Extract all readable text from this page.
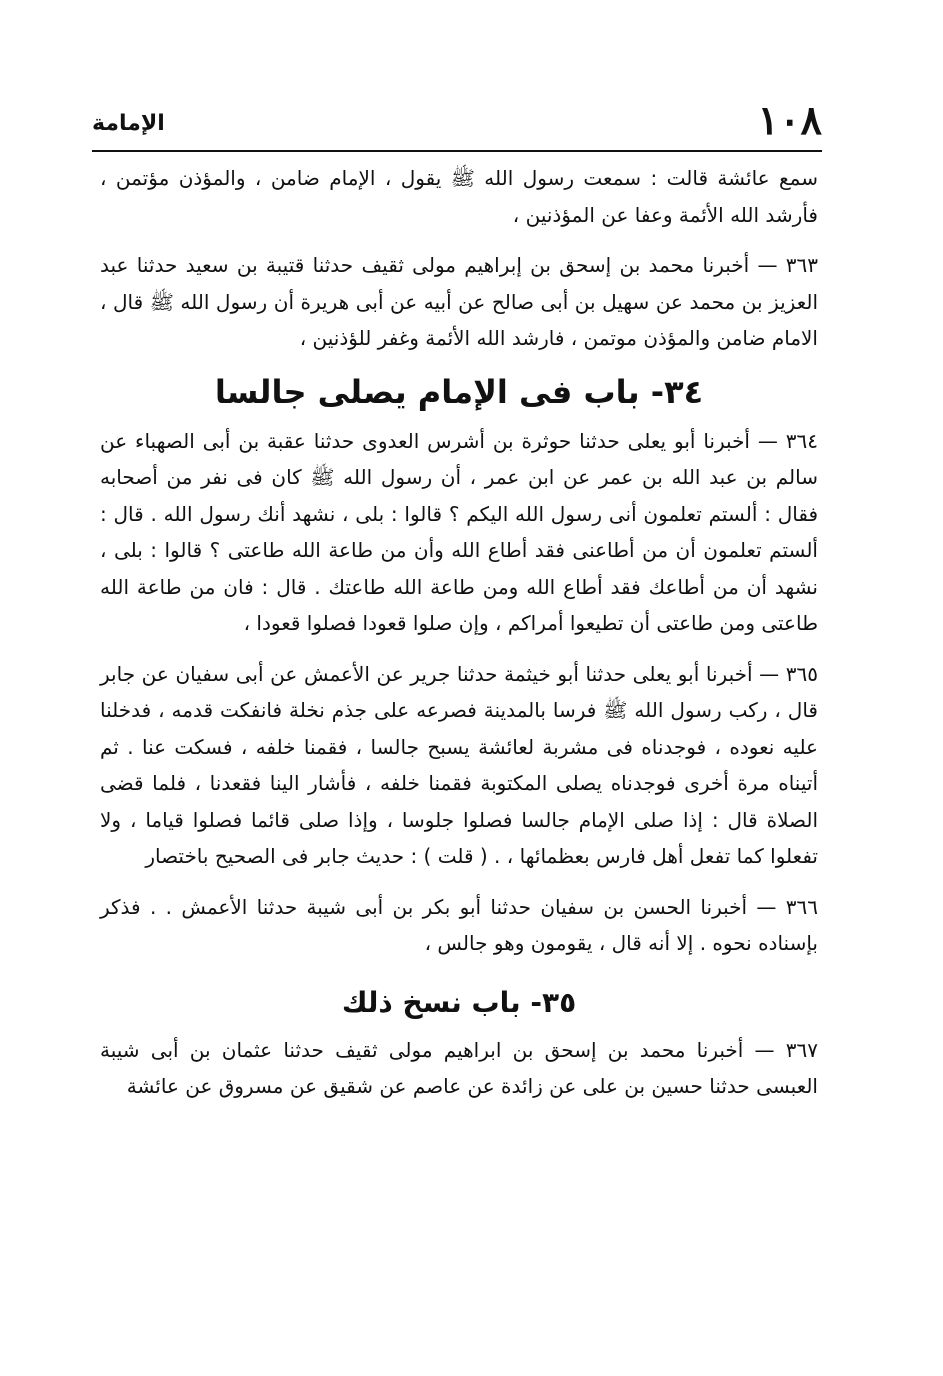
١٠٨
الإمامة

سمع عائشة قالت : سمعت رسول الله ﷺ يقول ، الإمام ضامن ، والمؤذن مؤتمن ، فأرشد الله الأئمة وعفا عن المؤذنين ،

٣٦٣ — أخبرنا محمد بن إسحق بن إبراهيم مولى ثقيف حدثنا قتيبة بن سعيد حدثنا عبد العزيز بن محمد عن سهيل بن أبى صالح عن أبيه عن أبى هريرة أن رسول الله ﷺ قال ، الامام ضامن والمؤذن موتمن ، فارشد الله الأئمة وغفر للؤذنين ،

٣٤- باب فى الإمام يصلى جالسا

٣٦٤ — أخبرنا أبو يعلى حدثنا حوثرة بن أشرس العدوى حدثنا عقبة بن أبى الصهباء عن سالم بن عبد الله بن عمر عن ابن عمر ، أن رسول الله ﷺ كان فى نفر من أصحابه فقال : ألستم تعلمون أنى رسول الله اليكم ؟ قالوا : بلى ، نشهد أنك رسول الله . قال : ألستم تعلمون أن من أطاعنى فقد أطاع الله وأن من طاعة الله طاعتى ؟ قالوا : بلى ، نشهد أن من أطاعك فقد أطاع الله ومن طاعة الله طاعتك . قال : فان من طاعة الله طاعتى ومن طاعتى أن تطيعوا أمراكم ، وإن صلوا قعودا فصلوا قعودا ،

٣٦٥ — أخبرنا أبو يعلى حدثنا أبو خيثمة حدثنا جرير عن الأعمش عن أبى سفيان عن جابر قال ، ركب رسول الله ﷺ فرسا بالمدينة فصرعه على جذم نخلة فانفكت قدمه ، فدخلنا عليه نعوده ، فوجدناه فى مشربة لعائشة يسبح جالسا ، فقمنا خلفه ، فسكت عنا . ثم أتيناه مرة أخرى فوجدناه يصلى المكتوبة فقمنا خلفه ، فأشار الينا فقعدنا ، فلما قضى الصلاة قال : إذا صلى الإمام جالسا فصلوا جلوسا ، وإذا صلى قائما فصلوا قياما ، ولا تفعلوا كما تفعل أهل فارس بعظمائها ، . ( قلت ) : حديث جابر فى الصحيح باختصار

٣٦٦ — أخبرنا الحسن بن سفيان حدثنا أبو بكر بن أبى شيبة حدثنا الأعمش . . فذكر بإسناده نحوه . إلا أنه قال ، يقومون وهو جالس ،

٣٥- باب نسخ ذلك

٣٦٧ — أخبرنا محمد بن إسحق بن ابراهيم مولى ثقيف حدثنا عثمان بن أبى شيبة العبسى حدثنا حسين بن على عن زائدة عن عاصم عن شقيق عن مسروق عن عائشة
